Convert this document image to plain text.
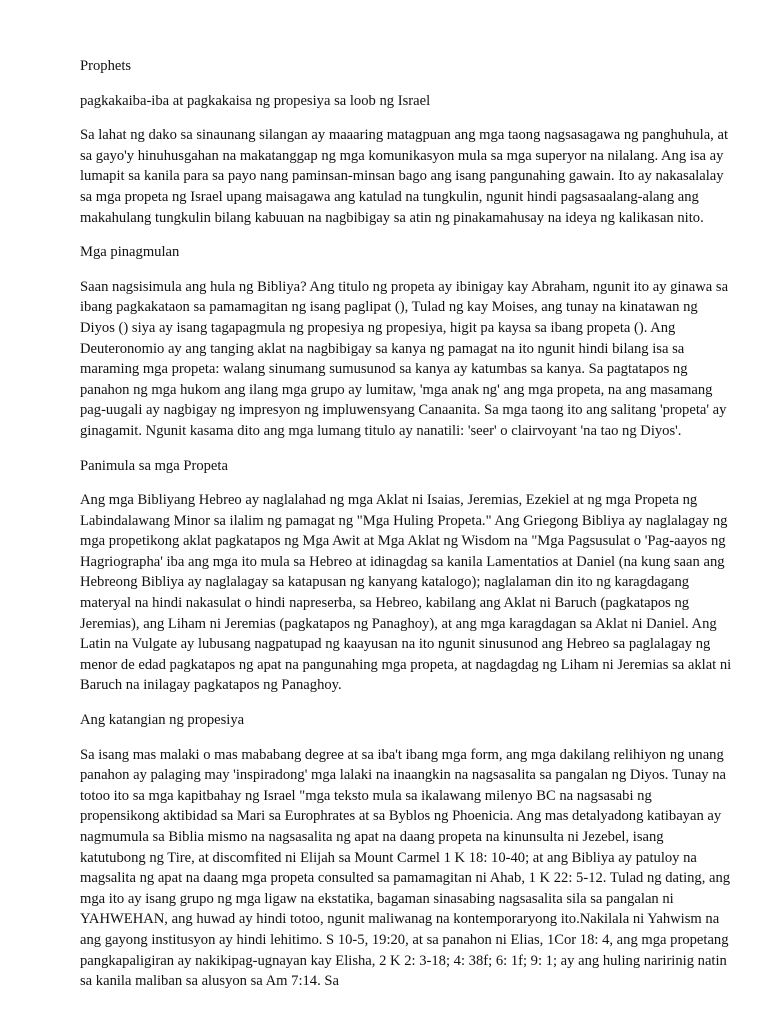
Prophets

pagkakaiba-iba at pagkakaisa ng propesiya sa loob ng Israel

Sa lahat ng dako sa sinaunang silangan ay maaaring matagpuan ang mga taong nagsasagawa ng panghuhula, at sa gayo'y hinuhusgahan na makatanggap ng mga komunikasyon mula sa mga superyor na nilalang. Ang isa ay lumapit sa kanila para sa payo nang paminsan-minsan bago ang isang pangunahing gawain. Ito ay nakasalalay sa mga propeta ng Israel upang maisagawa ang katulad na tungkulin, ngunit hindi pagsasaalang-alang ang makahulang tungkulin bilang kabuuan na nagbibigay sa atin ng pinakamahusay na ideya ng kalikasan nito.

Mga pinagmulan

Saan nagsisimula ang hula ng Bibliya? Ang titulo ng propeta ay ibinigay kay Abraham, ngunit ito ay ginawa sa ibang pagkakataon sa pamamagitan ng isang paglipat (), Tulad ng kay Moises, ang tunay na kinatawan ng Diyos () siya ay isang tagapagmula ng propesiya ng propesiya, higit pa kaysa sa ibang propeta (). Ang Deuteronomio ay ang tanging aklat na nagbibigay sa kanya ng pamagat na ito ngunit hindi bilang isa sa maraming mga propeta: walang sinumang sumusunod sa kanya ay katumbas sa kanya. Sa pagtatapos ng panahon ng mga hukom ang ilang mga grupo ay lumitaw, 'mga anak ng' ang mga propeta, na ang masamang pag-uugali ay nagbigay ng impresyon ng impluwensyang Canaanita. Sa mga taong ito ang salitang 'propeta' ay ginagamit. Ngunit kasama dito ang mga lumang titulo ay nanatili: 'seer' o clairvoyant 'na tao ng Diyos'.

Panimula sa mga Propeta

Ang mga Bibliyang Hebreo ay naglalahad ng mga Aklat ni Isaias, Jeremias, Ezekiel at ng mga Propeta ng Labindalawang Minor sa ilalim ng pamagat ng "Mga Huling Propeta." Ang Griegong Bibliya ay naglalagay ng mga propetikong aklat pagkatapos ng Mga Awit at Mga Aklat ng Wisdom na "Mga Pagsusulat o 'Pag-aayos ng Hagriographa' iba ang mga ito mula sa Hebreo at idinagdag sa kanila Lamentatios at Daniel (na kung saan ang Hebreong Bibliya ay naglalagay sa katapusan ng kanyang katalogo); naglalaman din ito ng karagdagang materyal na hindi nakasulat o hindi napreserba, sa Hebreo, kabilang ang Aklat ni Baruch (pagkatapos ng Jeremias), ang Liham ni Jeremias (pagkatapos ng Panaghoy), at ang mga karagdagan sa Aklat ni Daniel. Ang Latin na Vulgate ay lubusang nagpatupad ng kaayusan na ito ngunit sinusunod ang Hebreo sa paglalagay ng menor de edad pagkatapos ng apat na pangunahing mga propeta, at nagdagdag ng Liham ni Jeremias sa aklat ni Baruch na inilagay pagkatapos ng Panaghoy.

Ang katangian ng propesiya

Sa isang mas malaki o mas mababang degree at sa iba't ibang mga form, ang mga dakilang relihiyon ng unang panahon ay palaging may 'inspiradong' mga lalaki na inaangkin na nagsasalita sa pangalan ng Diyos. Tunay na totoo ito sa mga kapitbahay ng Israel "mga teksto mula sa ikalawang milenyo BC na nagsasabi ng propensikong aktibidad sa Mari sa Europhrates at sa Byblos ng Phoenicia. Ang mas detalyadong katibayan ay nagmumula sa Biblia mismo na nagsasalita ng apat na daang propeta na kinunsulta ni Jezebel, isang katutubong ng Tire, at discomfited ni Elijah sa Mount Carmel 1 K 18: 10-40; at ang Bibliya ay patuloy na magsalita ng apat na daang mga propeta consulted sa pamamagitan ni Ahab, 1 K 22: 5-12. Tulad ng dating, ang mga ito ay isang grupo ng mga ligaw na ekstatika, bagaman sinasabing nagsasalita sila sa pangalan ni YAHWEHAN, ang huwad ay hindi totoo, ngunit maliwanag na kontemporaryong ito.Nakilala ni Yahwism na ang gayong institusyon ay hindi lehitimo. S 10-5, 19:20, at sa panahon ni Elias, 1Cor 18: 4, ang mga propetang pangkapaligiran ay nakikipag-ugnayan kay Elisha, 2 K 2: 3-18; 4: 38f; 6: 1f; 9: 1; ay ang huling naririnig natin sa kanila maliban sa alusyon sa Am 7:14. Sa
